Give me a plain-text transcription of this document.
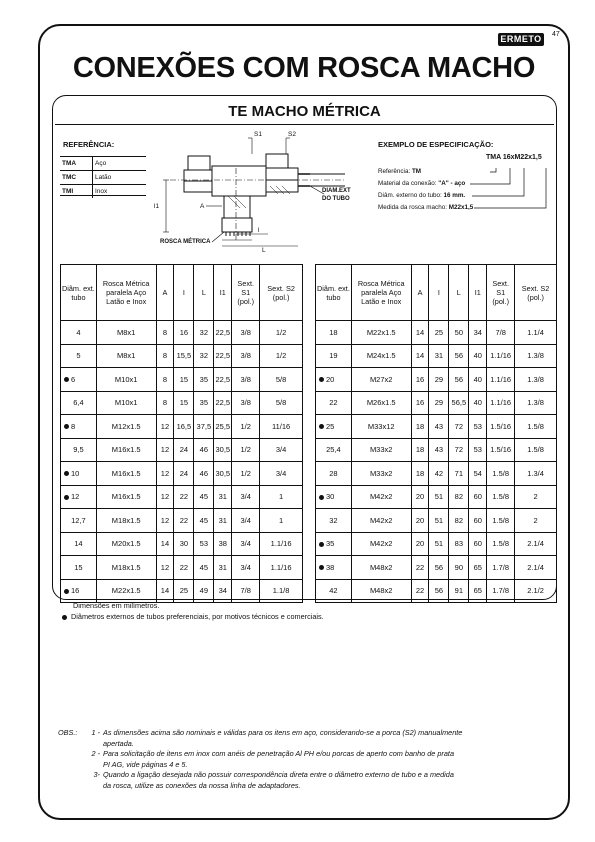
47
ERMETO
CONEXÕES COM ROSCA MACHO
TE MACHO MÉTRICA
REFERÊNCIA:
TMA	Aço
TMC	Latão
TMI	Inox
S1	S2
l1	A
l
L
DIAM.EXT
DO TUBO
ROSCA MÉTRICA
EXEMPLO DE ESPECIFICAÇÃO:
TMA 16xM22x1,5
Referência: TM
Material da conexão: "A" - aço
Diâm. externo do tubo: 16 mm.
Medida da rosca macho: M22x1,5
Diâm. ext. tubo	Rosca Métrica paralela Aço Latão e Inox	A	I	L	I1	Sext. S1 (pol.)	Sext. S2 (pol.)
4	M8x1	8	16	32	22,5	3/8	1/2
5	M8x1	8	15,5	32	22,5	3/8	1/2
6	M10x1	8	15	35	22,5	3/8	5/8
6,4	M10x1	8	15	35	22,5	3/8	5/8
8	M12x1.5	12	16,5	37,5	25,5	1/2	11/16
9,5	M16x1.5	12	24	46	30,5	1/2	3/4
10	M16x1.5	12	24	46	30,5	1/2	3/4
12	M16x1.5	12	22	45	31	3/4	1
12,7	M18x1.5	12	22	45	31	3/4	1
14	M20x1.5	14	30	53	38	3/4	1.1/16
15	M18x1.5	12	22	45	31	3/4	1.1/16
16	M22x1.5	14	25	49	34	7/8	1.1/8
Diâm. ext. tubo	Rosca Métrica paralela Aço Latão e Inox	A	I	L	I1	Sext. S1 (pol.)	Sext. S2 (pol.)
18	M22x1.5	14	25	50	34	7/8	1.1/4
19	M24x1.5	14	31	56	40	1.1/16	1.3/8
20	M27x2	16	29	56	40	1.1/16	1.3/8
22	M26x1.5	16	29	56,5	40	1.1/16	1.3/8
25	M33x12	18	43	72	53	1.5/16	1.5/8
25,4	M33x2	18	43	72	53	1.5/16	1.5/8
28	M33x2	18	42	71	54	1.5/8	1.3/4
30	M42x2	20	51	82	60	1.5/8	2
32	M42x2	20	51	82	60	1.5/8	2
35	M42x2	20	51	83	60	1.5/8	2.1/4
38	M48x2	22	56	90	65	1.7/8	2.1/4
42	M48x2	22	56	91	65	1.7/8	2.1/2
Dimensões em milímetros.
Diâmetros externos de tubos preferenciais, por motivos técnicos e comerciais.
OBS.:	1 - As dimensões acima são nominais e válidas para os itens em aço, considerando-se a porca (S2) manualmente
apertada.
2 - Para solicitação de itens em inox com anéis de penetração Al PH e/ou porcas de aperto com banho de prata
PI AG, vide páginas 4 e 5.
3- Quando a ligação desejada não possuir correspondência direta entre o diâmetro externo de tubo e a medida
da rosca, utilize as conexões da nossa linha de adaptadores.
